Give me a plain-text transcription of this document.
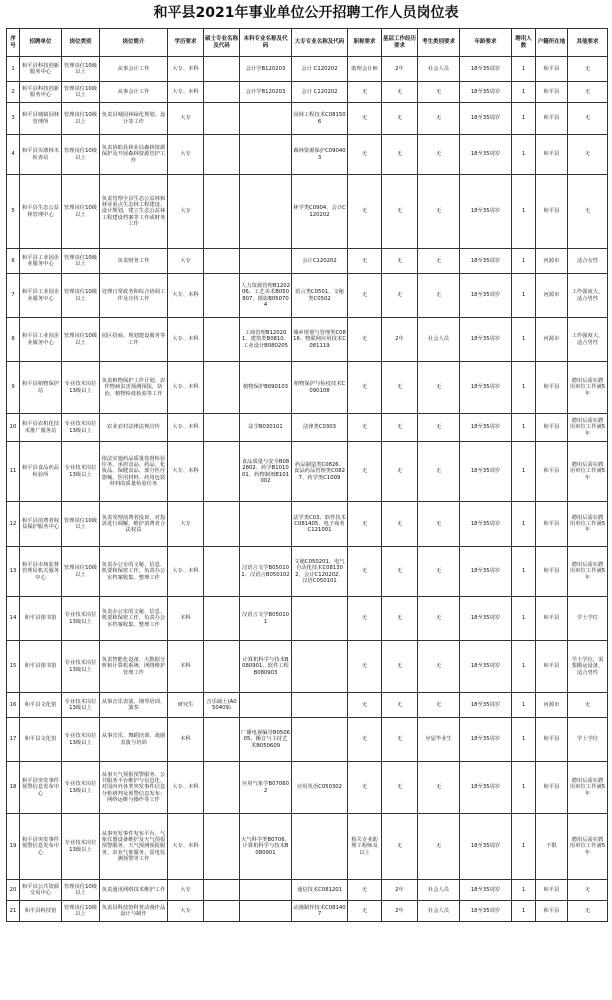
和平县2021年事业单位公开招聘工作人员岗位表
序号	招聘单位	岗位类别	岗位简介	学历要求	硕士专业名称及代码	本科专业名称及代码	大专专业名称及代码	职称要求	基层工作经历要求	考生类别要求	年龄要求	聘用人数	户籍所在地	其他要求
1	和平县科技创新服务中心	管理岗位10级以上	从事会计工作	大专、本科		会计学B120203	会计 C120202	助理会计师	2年	社会人员	18至35周岁	1	和平县	无
2	和平县科技创新服务中心	管理岗位10级以上	从事会计工作	大专、本科		会计学B120203	会计 C120202	无	无	无	18至35周岁	1	和平县	无
3	和平县城镇园林管理所	管理岗位10级以上	负责县城园林绿化规划、设计等工作	大专			园林工程技术C081506	无	无	无	18至35周岁	1	和平县	无
4	和平县贝墩林木检查站	管理岗位10级以上	负责协助县林业局森林资源保护及开展森林资源管护工作	大专			森林资源保护C090403	无	无	无	18至35周岁	1	和平县	无
5	和平县生态公益林管理中心	管理岗位10级以上	负责管理全县生态公益林和林业重点生态林工程建设、设计规划，建立生态公益林工程建设档案等工作或财务工作	大专			林学类C0904、会计C120202	无	无	无	18至35周岁	1	和平县	无
6	和平县工业园企业服务中心	管理岗位10级以上	负责财务工作	大专			会计C120202	无	无	无	18至35周岁	1	河源市	适合女性
7	和平县工业园企业服务中心	管理岗位10级以上	处理日常政务和综合协调工作及宣传工作	大专、本科		人力资源管理B120206、工艺美术B050807、摄影B050704	语言类C0501、文秘类C0502	无	无	无	18至35周岁	1	河源市	工作强度大，适合男性
8	和平县工业园企业服务中心	管理岗位10级以上	园区招商、规划建设服务等工作	大专、本科		工商管理B120201、建筑类B0810、工业设计B080205	城乡规划与管理类C0816、物联网应用技术C081119	无	2年	社会人员	18至35周岁	1	河源市	工作强度大，适合男性
9	和平县植物保护站	专业技术岗位13级以上	负责植物保护工作计划，农作物病虫害预测预报，防治，植物检疫检验等工作	大专、本科		植物保护B090103	植物保护与检疫技术C090108	无	无	无	18至35周岁	1	和平县	聘用后需在聘用单位工作满5年
10	和平县农机化技术推广服务站	专业技术岗位13级以上	农业农村法律法规宣传	大专、本科		法学B030101	法律类C0303	无	无	无	18至35周岁	1	和平县	聘用后需在聘用单位工作满5年
11	和平县食品药品检验所	专业技术岗位13级以上	依法实施药品质量监督检验任务，承担食品、药品、化妆品、保健食品、部分医疗器械、医用材料、药用包装材料的质量检验任务	大专、本科		食品质量与安全B082802、药学B101001、药物制剂B101002	药品制造类C0826、食品药品管理类C0827、药学类C1009	无	无	无	18至35周岁	1	和平县	聘用后需在聘用单位工作满5年
12	和平县消费者权益保护服务中心	管理岗位10级以上	负责受理消费者投诉，对投诉进行调解，维护消费者合法权益	大专			法学类C03、软件技术C081405、电子商务C121001	无	无	无	18至35周岁	1	和平县	聘用后需在聘用单位工作满5年
13	和平县市场监督管理局机关服务中心	管理岗位10级以上	负责办公室的文秘、信息、机要和保密工作，负责办公室档案收集、整理工作	大专、本科		汉语言文学B050101、汉语言B050102	文秘C050201、电气自动化技术C081302、会计C120202、汉语C050101	无	无	无	18至35周岁	1	和平县	聘用后需在聘用单位工作满5年
14	和平县图书馆	专业技术岗位13级以上	负责办公室的文秘、信息、机要和保密工作，负责办公室档案收集、整理工作	本科		汉语言文学B050101		无	无	无	18至35周岁	1	和平县	学士学位
15	和平县图书馆	专业技术岗位13级以上	负责智能化设备、大数据分析和计算机系统、网络维护管理工作	本科		计算机科学与技术B080901、软件工程B080903		无	无	无	18至35周岁	1	和平县	学士学位，需要搬运设备，适合男性
16	和平县文化馆	专业技术岗位13级以上	从事音乐表演、钢琴培训、演奏	研究生	音乐硕士(A050409)			无	无	无	18至35周岁	1	河源市	无
17	和平县文化馆	专业技术岗位13级以上	从事音乐、舞蹈培训，戏剧表演与培训	本科		广播电视编导B050605、播音与主持艺术B050609		无	无	应届毕业生	18至35周岁	1	和平县	学士学位
18	和平县突发事件预警信息发布中心	专业技术岗位13级以上	从事天气预报预警服务、公共服务平台维护与信息化，对国内外各类突发事件信息分析研判及预警信息发布；网络运维与操作等工作	大专、本科		应用气象学B070602	应用英语C050302	无	无	无	18至35周岁	1	和平县	聘用后需在聘用单位工作满5年
19	和平县突发事件预警信息发布中心	专业技术岗位13级以上	从事突发事件发布平台、气象仪器设备维护及天气预报预警服务、天气预测预报服务、农业气象服务、雷电监测预警等工作	大专、本科		大气科学类B0706、计算机科学与技术B080901		相关专业助理工程师及以上	无	无	18至35周岁	1	不限	聘用后需在聘用单位工作满5年
20	和平县公共资源交易中心	管理岗位10级以上	负责通讯网络技术维护工作	大专			通信技术C081201	无	2年	社会人员	18至35周岁	1	和平县	无
21	和平县科技馆	管理岗位10级以上	负责县科技馆科普动漫作品设计与制作	大专			动漫制作技术C081407	无	2年	社会人员	18至35周岁	1	和平县	无
